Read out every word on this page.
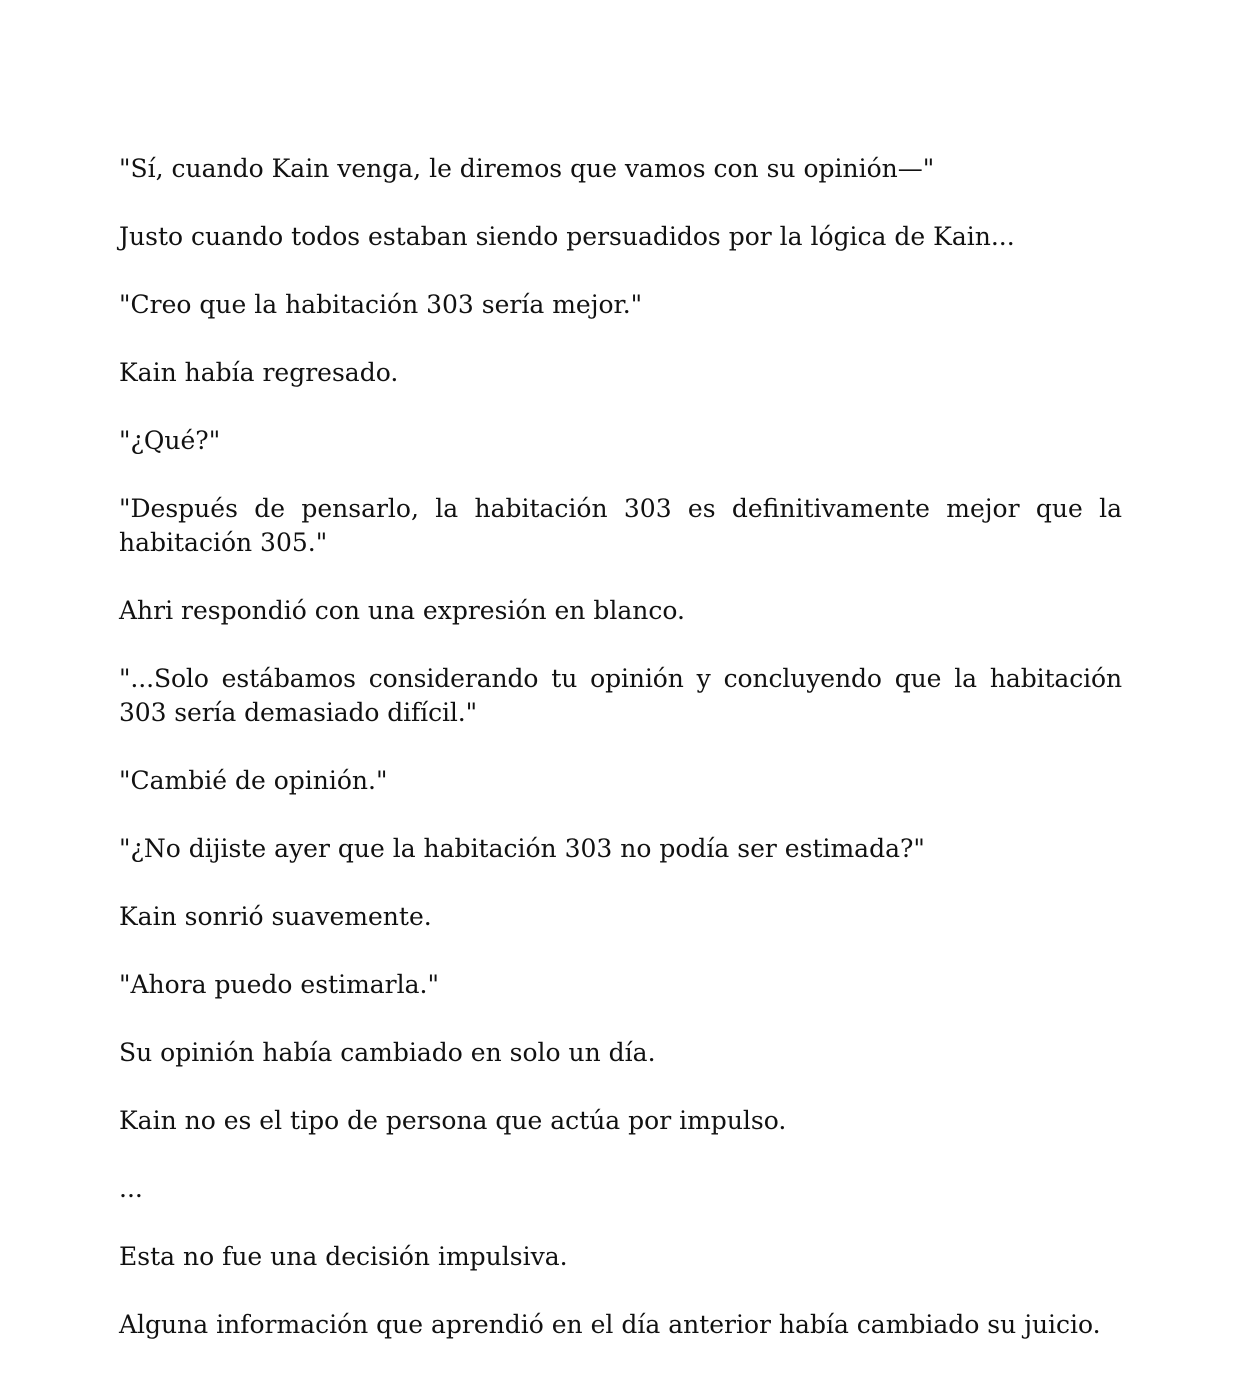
"Sí, cuando Kain venga, le diremos que vamos con su opinión—"

Justo cuando todos estaban siendo persuadidos por la lógica de Kain...

"Creo que la habitación 303 sería mejor."

Kain había regresado.

"¿Qué?"

"Después de pensarlo, la habitación 303 es definitivamente mejor que la habitación 305."

Ahri respondió con una expresión en blanco.

"...Solo estábamos considerando tu opinión y concluyendo que la habitación 303 sería demasiado difícil."

"Cambié de opinión."

"¿No dijiste ayer que la habitación 303 no podía ser estimada?"

Kain sonrió suavemente.

"Ahora puedo estimarla."

Su opinión había cambiado en solo un día.

Kain no es el tipo de persona que actúa por impulso.

...

Esta no fue una decisión impulsiva.

Alguna información que aprendió en el día anterior había cambiado su juicio.
